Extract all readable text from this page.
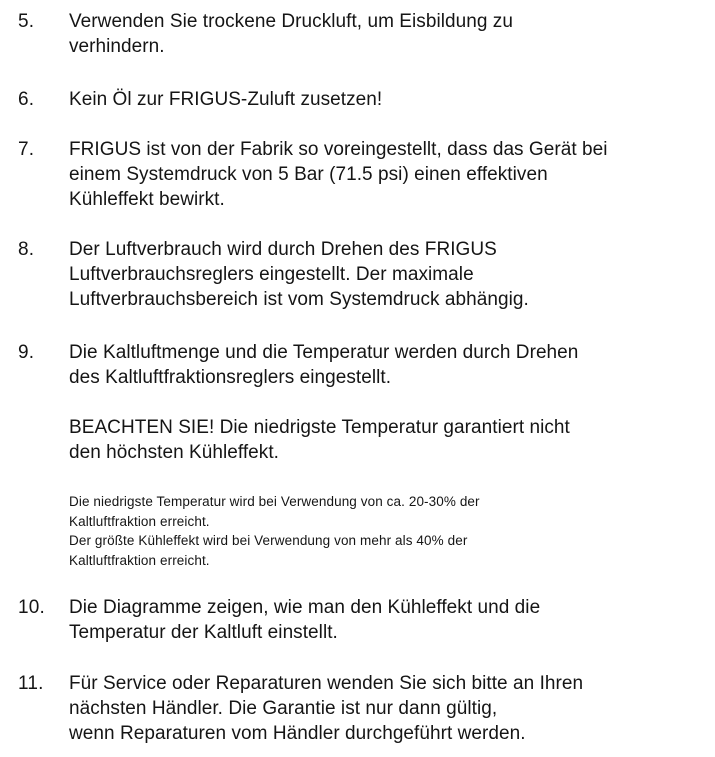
5. Verwenden Sie trockene Druckluft, um Eisbildung zu
verhindern.
6. Kein Öl zur FRIGUS-Zuluft zusetzen!
7. FRIGUS ist von der Fabrik so voreingestellt, dass das Gerät bei
einem Systemdruck von 5 Bar (71.5 psi) einen effektiven
Kühleffekt bewirkt.
8. Der Luftverbrauch wird durch Drehen des FRIGUS
Luftverbrauchsreglers eingestellt. Der maximale
Luftverbrauchsbereich ist vom Systemdruck abhängig.
9. Die Kaltluftmenge und die Temperatur werden durch Drehen
des Kaltluftfraktionsreglers eingestellt.
BEACHTEN SIE! Die niedrigste Temperatur garantiert nicht
den höchsten Kühleffekt.
Die niedrigste Temperatur wird bei Verwendung von ca. 20-30% der
Kaltluftfraktion erreicht.
Der größte Kühleffekt wird bei Verwendung von mehr als 40% der
Kaltluftfraktion erreicht.
10. Die Diagramme zeigen, wie man den Kühleffekt und die
Temperatur der Kaltluft einstellt.
11. Für Service oder Reparaturen wenden Sie sich bitte an Ihren
nächsten Händler. Die Garantie ist nur dann gültig,
wenn Reparaturen vom Händler durchgeführt werden.
